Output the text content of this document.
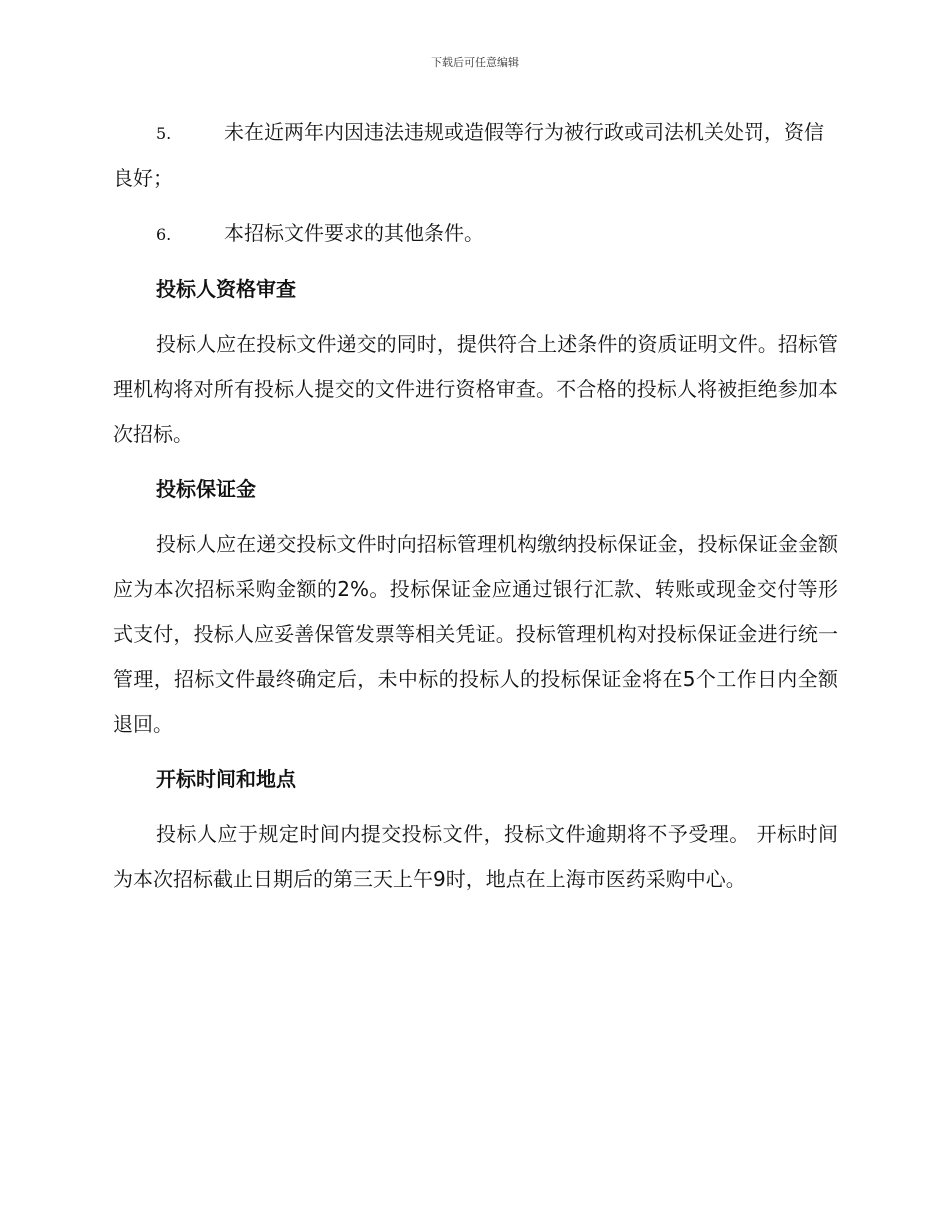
下载后可任意编辑
5.	未在近两年内因违法违规或造假等行为被行政或司法机关处罚，资信良好；
6.	本招标文件要求的其他条件。
投标人资格审查
投标人应在投标文件递交的同时，提供符合上述条件的资质证明文件。招标管理机构将对所有投标人提交的文件进行资格审查。不合格的投标人将被拒绝参加本次招标。
投标保证金
投标人应在递交投标文件时向招标管理机构缴纳投标保证金，投标保证金金额应为本次招标采购金额的2%。投标保证金应通过银行汇款、转账或现金交付等形式支付，投标人应妥善保管发票等相关凭证。投标管理机构对投标保证金进行统一管理，招标文件最终确定后，未中标的投标人的投标保证金将在5个工作日内全额退回。
开标时间和地点
投标人应于规定时间内提交投标文件，投标文件逾期将不予受理。 开标时间为本次招标截止日期后的第三天上午9时，地点在上海市医药采购中心。
